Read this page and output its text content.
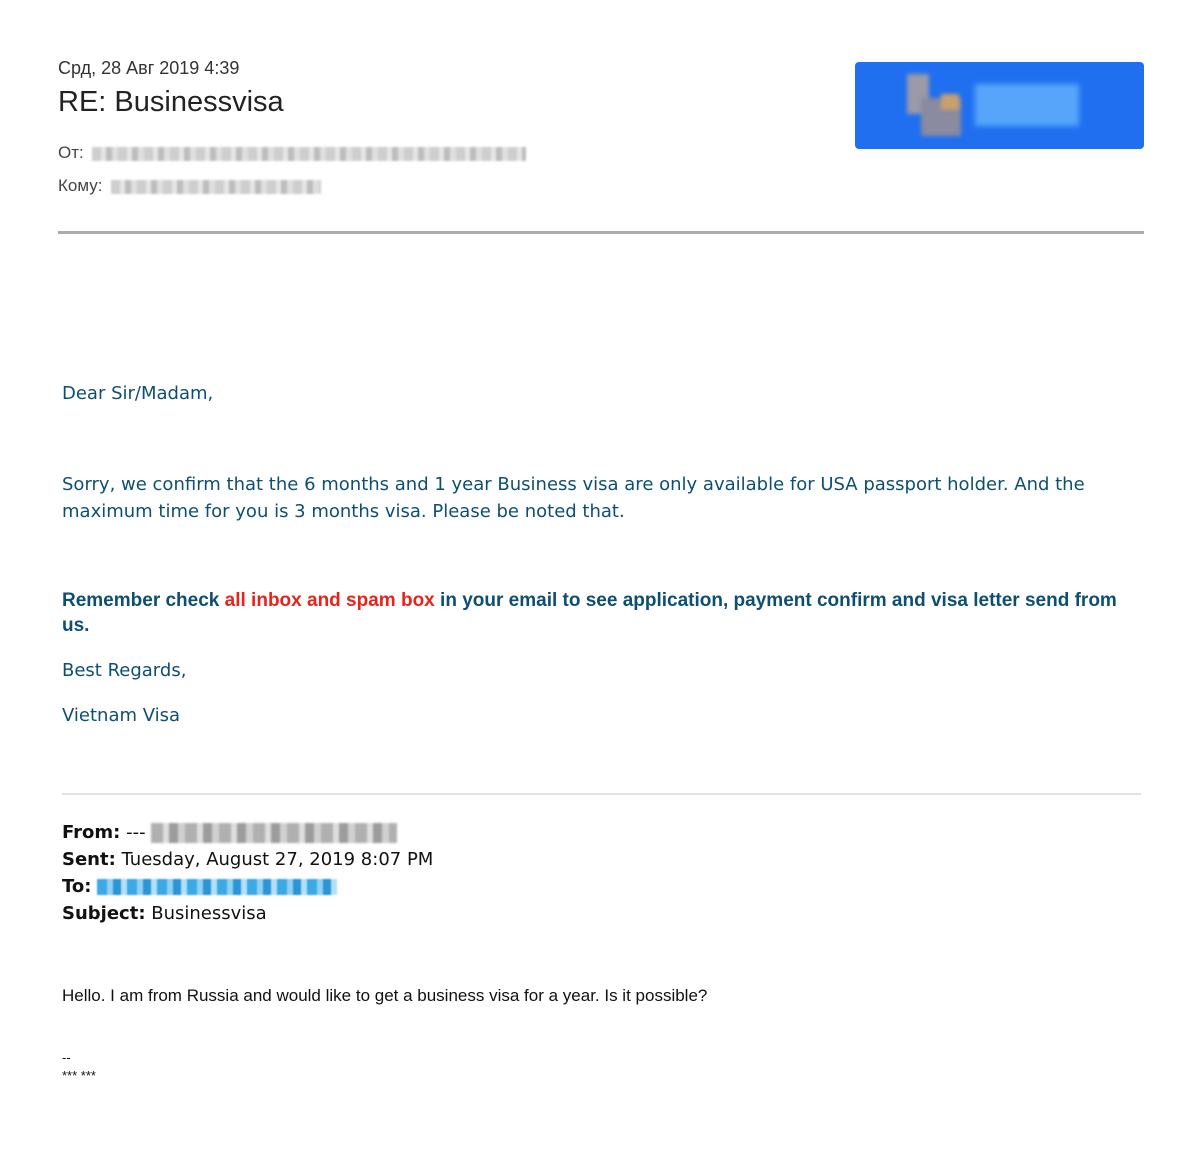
Срд, 28 Авг 2019 4:39
RE: Businessvisa
От:
Кому:
Dear Sir/Madam,
Sorry, we confirm that the 6 months and 1 year Business visa are only available for USA passport holder. And the
maximum time for you is 3 months visa. Please be noted that.
Remember check all inbox and spam box in your email to see application, payment confirm and visa letter send from us.
Best Regards,
Vietnam Visa
From: ---
Sent: Tuesday, August 27, 2019 8:07 PM
To:
Subject: Businessvisa
Hello. I am from Russia and would like to get a business visa for a year. Is it possible?
--
*** ***
